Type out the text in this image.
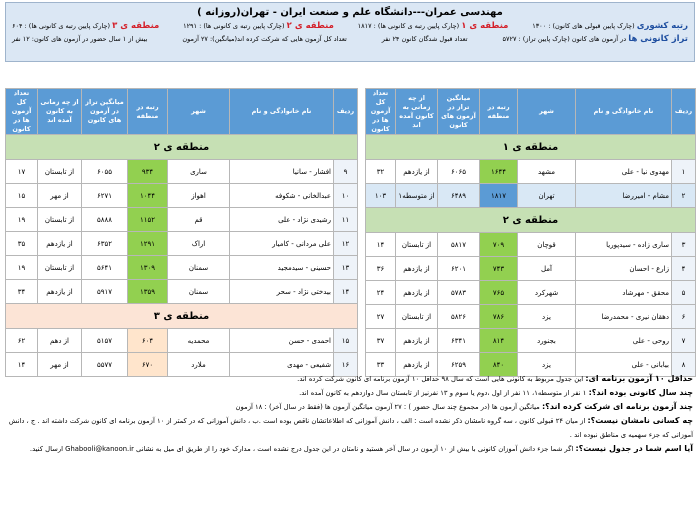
مهندسی عمران---دانشگاه علم و صنعت ایران - تهران(روزانه )
رتبه کشوری (چارک پایین قبولی های کانون) : ۱۳۰۰
منطقه ی ۱ (چارک پایین رتبه ی کانونی ها) : ۱۸۱۷
منطقه ی ۲ (چارک پایین رتبه ی کانونی ها) : ۱۲۹۱
منطقه ی ۳ (چارک پایین رتبه ی کانونی ها) : ۶۰۴
تراز کانونی ها در آزمون های کانون (چارک پایین تراز) : ۵۷۲۷
تعداد قبول شدگان کانون ۲۴ نفر
تعداد کل آزمون هایی که شرکت کرده اند(میانگین): ۲۷ آزمون
بیش از ۱ سال حضور در آزمون های کانون: ۱۲ نفر
ردیف	نام خانوادگی و نام	شهر	رتبه در منطقه	میانگین تراز در آزمون های کانون	از چه زمانی به کانون آمده اند	تعداد کل آزمون ها در کانون
منطقه ی ۱						
۱	مهدوی نیا - علی	مشهد	۱۶۴۴	۶۰۶۵	از یازدهم	۳۲
۲	مشام - امیررضا	تهران	۱۸۱۷	۶۴۸۹	از متوسطه۱	۱۰۳
منطقه ی ۲						
۳	ساری زاده - سیدپوریا	قوچان	۷۰۹	۵۸۱۷	از تابستان	۱۴
۴	زارع - احسان	آمل	۷۴۳	۶۲۰۱	از یازدهم	۳۶
۵	محقق - مهرشاد	شهرکرد	۷۶۵	۵۷۸۳	از یازدهم	۲۴
۶	دهقان نیری - محمدرضا	یزد	۷۸۶	۵۸۲۶	از تابستان	۲۷
۷	روحی - علی	بجنورد	۸۱۴	۶۳۴۱	از یازدهم	۳۷
۸	بیابانی - علی	یزد	۸۴۰	۶۲۵۹	از یازدهم	۳۳
ردیف	نام خانوادگی و نام	شهر	رتبه در منطقه	میانگین تراز در آزمون های کانون	از چه زمانی به کانون آمده اند	تعداد کل آزمون ها در کانون
منطقه ی ۲						
۹	افشار - سانیا	ساری	۹۳۴	۶۰۵۵	از تابستان	۱۷
۱۰	عبدالخانی - شکوفه	اهواز	۱۰۴۴	۶۲۷۱	از مهر	۱۵
۱۱	رشیدی نژاد - علی	قم	۱۱۵۲	۵۸۸۸	از تابستان	۱۹
۱۲	علی مردانی - کامیار	اراک	۱۲۹۱	۶۳۵۲	از یازدهم	۳۵
۱۳	حسینی - سیدمجید	سمنان	۱۳۰۹	۵۶۴۱	از تابستان	۱۹
۱۴	بیدختی نژاد - سحر	سمنان	۱۳۵۹	۵۹۱۷	از یازدهم	۳۴
منطقه ی ۳						
۱۵	احمدی - حسن	محمدیه	۶۰۴	۵۱۵۷	از دهم	۶۲
۱۶	شفیعی - مهدی	ملارد	۶۷۰	۵۵۷۷	از مهر	۱۴

حداقل ۱۰ آزمون برنامه ای: این جدول مربوط به کانونی هایی است که سال ۹۸ حداقل ۱۰ آزمون برنامه ای کانون شرکت کرده اند.

چند سال کانونی بوده اند؟: ۱ نفر از متوسطه۱، ۱۱ نفر از اول ،دوم یا سوم و ۱۳ نفرنیز از تابستان سال دوازدهم به کانون آمده اند.

چند آزمون برنامه ای شرکت کرده اند؟: میانگین آزمون ها (در مجموع چند سال حضور ) : ۲۷ آزمون میانگین آزمون ها (فقط در سال آخر) : ۱۸ آزمون

چه کسانی نامشان نیست؟: از میان ۲۴ قبولی کانون ، سه گروه نامشان ذکر نشده است : الف ، دانش آموزانی که اطلاعاتشان ناقص بوده است .ب ، دانش آموزانی که در کمتر از ۱۰ آزمون برنامه ای کانون شرکت داشته اند . ج ، دانش آموزانی که جزء سهمیه ی مناطق نبوده اند .

آیا اسم شما در جدول نیست؟: اگر شما جزء دانش آموزان کانونی با بیش از ۱۰ آزمون در سال آخر هستید و نامتان در این جدول درج نشده است ، مدارک خود را از طریق ای میل به نشانی Ghabooli@kanoon.ir ارسال کنید.
